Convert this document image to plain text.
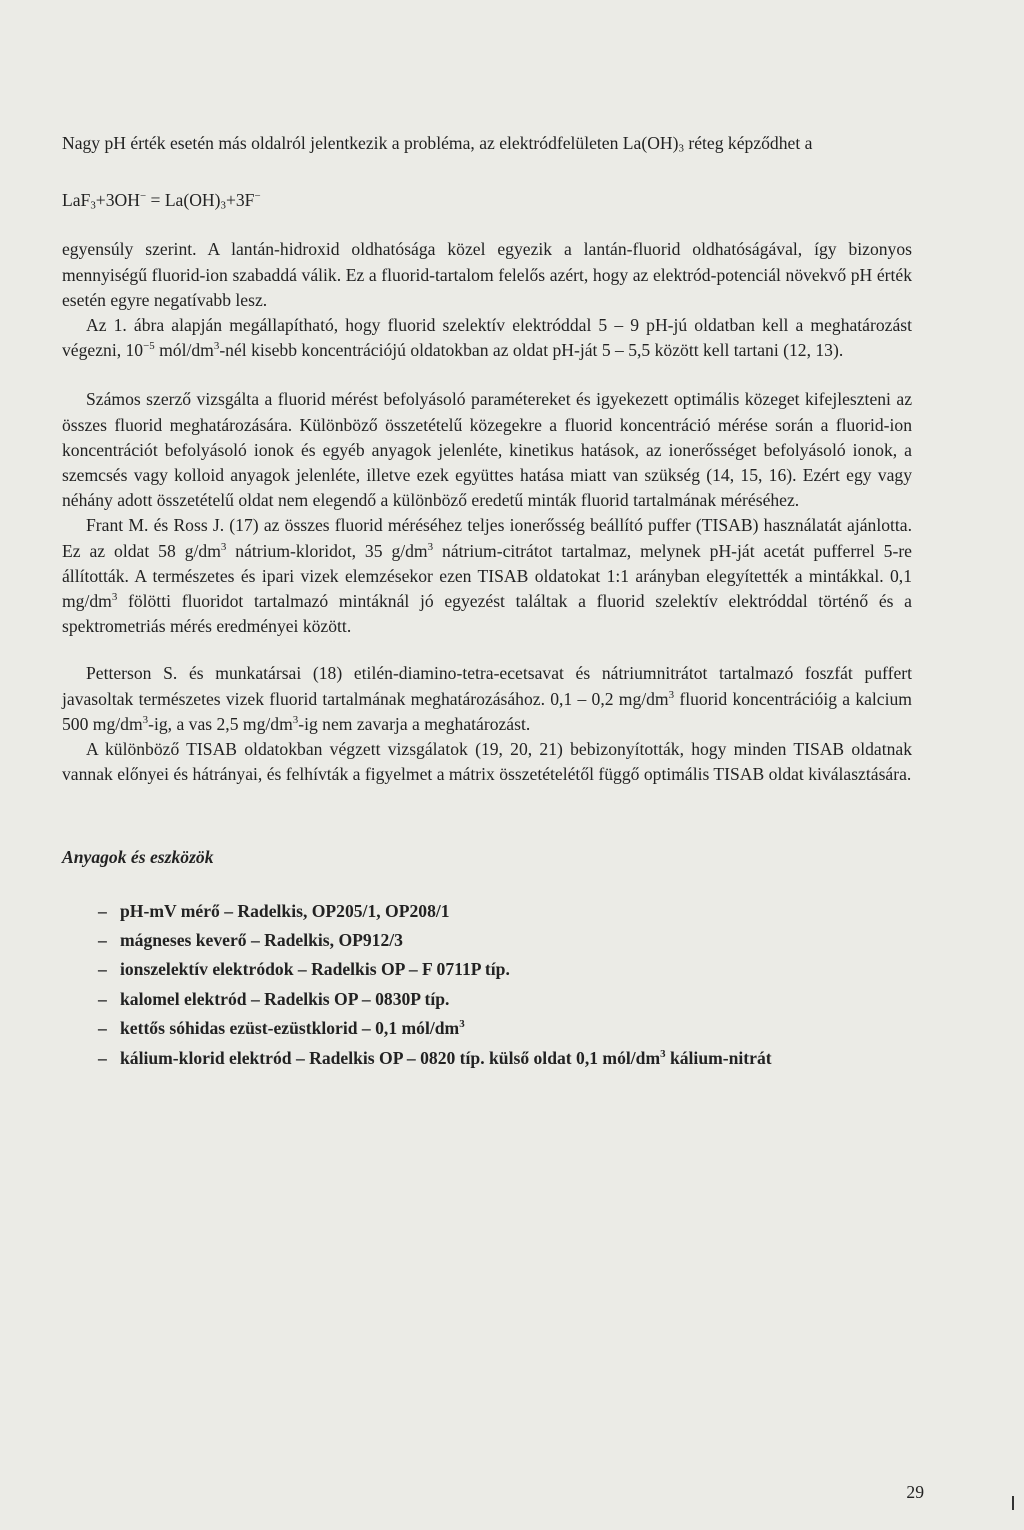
Nagy pH érték esetén más oldalról jelentkezik a probléma, az elektródfelületen $La(OH)_3$ réteg képződhet a

$LaF_3+3OH^- = La(OH)_3+3F^-$

egyensúly szerint. A lantán-hidroxid oldhatósága közel egyezik a lantán-fluorid oldhatóságával, így bizonyos mennyiségű fluorid-ion szabaddá válik. Ez a fluorid-tartalom felelős azért, hogy az elektród-potenciál növekvő pH érték esetén egyre negatívabb lesz.

Az 1. ábra alapján megállapítható, hogy fluorid szelektív elektróddal 5 – 9 pH-jú oldatban kell a meghatározást végezni, $10^{-5}$ mól/$dm^3$-nél kisebb koncentrációjú oldatokban az oldat pH-ját 5 – 5,5 között kell tartani (12, 13).

Számos szerző vizsgálta a fluorid mérést befolyásoló paramétereket és igyekezett optimális közeget kifejleszteni az összes fluorid meghatározására. Különböző összetételű közegekre a fluorid koncentráció mérése során a fluorid-ion koncentrációt befolyásoló ionok és egyéb anyagok jelenléte, kinetikus hatások, az ionerősséget befolyásoló ionok, a szemcsés vagy kolloid anyagok jelenléte, illetve ezek együttes hatása miatt van szükség (14, 15, 16). Ezért egy vagy néhány adott összetételű oldat nem elegendő a különböző eredetű minták fluorid tartalmának méréséhez.

Frant M. és Ross J. (17) az összes fluorid méréséhez teljes ionerősség beállító puffer (TISAB) használatát ajánlotta. Ez az oldat 58 $g/dm^3$ nátrium-kloridot, 35 $g/dm^3$ nátrium-citrátot tartalmaz, melynek pH-ját acetát pufferrel 5-re állították. A természetes és ipari vizek elemzésekor ezen TISAB oldatokat 1:1 arányban elegyítették a mintákkal. 0,1 $mg/dm^3$ fölötti fluoridot tartalmazó mintáknál jó egyezést találtak a fluorid szelektív elektróddal történő és a spektrometriás mérés eredményei között.

Petterson S. és munkatársai (18) etilén-diamino-tetra-ecetsavat és nátriumnitrátot tartalmazó foszfát puffert javasoltak természetes vizek fluorid tartalmának meghatározásához. 0,1 – 0,2 $mg/dm^3$ fluorid koncentrációig a kalcium 500 $mg/dm^3-ig$, a vas 2,5 $mg/dm^3-ig$ nem zavarja a meghatározást.

A különböző TISAB oldatokban végzett vizsgálatok (19, 20, 21) bebizonyították, hogy minden TISAB oldatnak vannak előnyei és hátrányai, és felhívták a figyelmet a mátrix összetételétől függő optimális TISAB oldat kiválasztására.

Anyagok és eszközök

– pH-mV mérő – Radelkis, OP205/1, OP208/1
– mágneses keverő – Radelkis, OP912/3
– ionszelektív elektródok – Radelkis OP – F 0711P típ.
– kalomel elektród – Radelkis OP – 0830P típ.
– kettős sóhidas ezüst-ezüstklorid – 0,1 mól/$dm^3$
– kálium-klorid elektród – Radelkis OP – 0820 típ. külső oldat 0,1 mól/$dm^3$ kálium-nitrát
29
